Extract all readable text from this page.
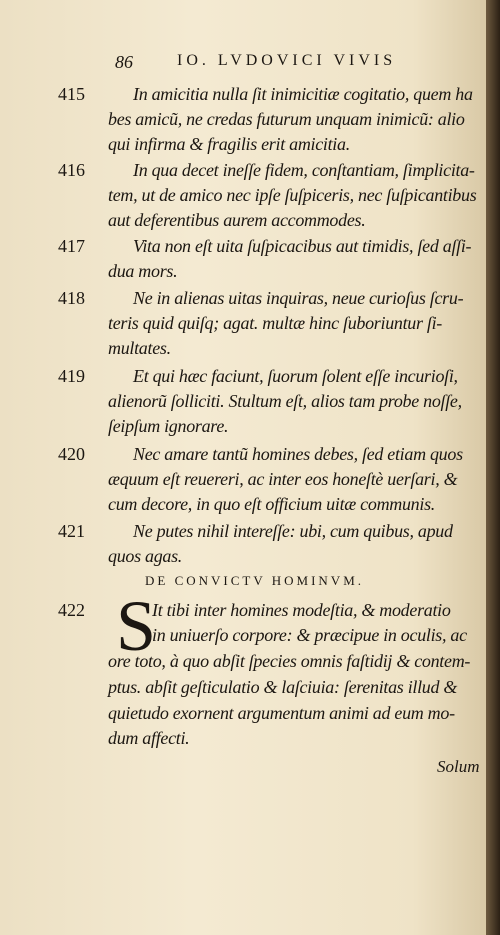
86	IO. LVDOVICI VIVIS
415	In amicitia nulla ſit inimicitiæ cogitatio, quem ha
bes amicũ, ne credas futurum unquam inimicũ: alio
qui infirma & fragilis erit amicitia.
416	In qua decet ineſſe fidem, conſtantiam, ſimplicita-
tem, ut de amico nec ipſe ſuſpiceris, nec ſuſpicantibus
aut deferentibus aurem accommodes.
417	Vita non eſt uita ſuſpicacibus aut timidis, ſed aſſi-
dua mors.
418	Ne in alienas uitas inquiras, neue curioſus ſcru-
teris quid quiſq; agat. multæ hinc ſuboriuntur ſi-
multates.
419	Et qui hæc faciunt, ſuorum ſolent eſſe incurioſi,
alienorũ ſolliciti. Stultum eſt, alios tam probe noſſe,
ſeipſum ignorare.
420	Nec amare tantũ homines debes, ſed etiam quos
æquum eſt reuereri, ac inter eos honeſtè uerſari, &
cum decore, in quo eſt officium uitæ communis.
421	Ne putes nihil intereſſe: ubi, cum quibus, apud
quos agas.
DE CONVICTV HOMINVM.
422	It tibi inter homines modeſtia, & moderatio
in uniuerſo corpore: & præcipue in oculis, ac
ore toto, à quo abſit ſpecies omnis faſtidij & contem-
ptus. abſit geſticulatio & laſciuia: ſerenitas illud &
quietudo exornent argumentum animi ad eum mo-
dum affecti.
S
Solum
